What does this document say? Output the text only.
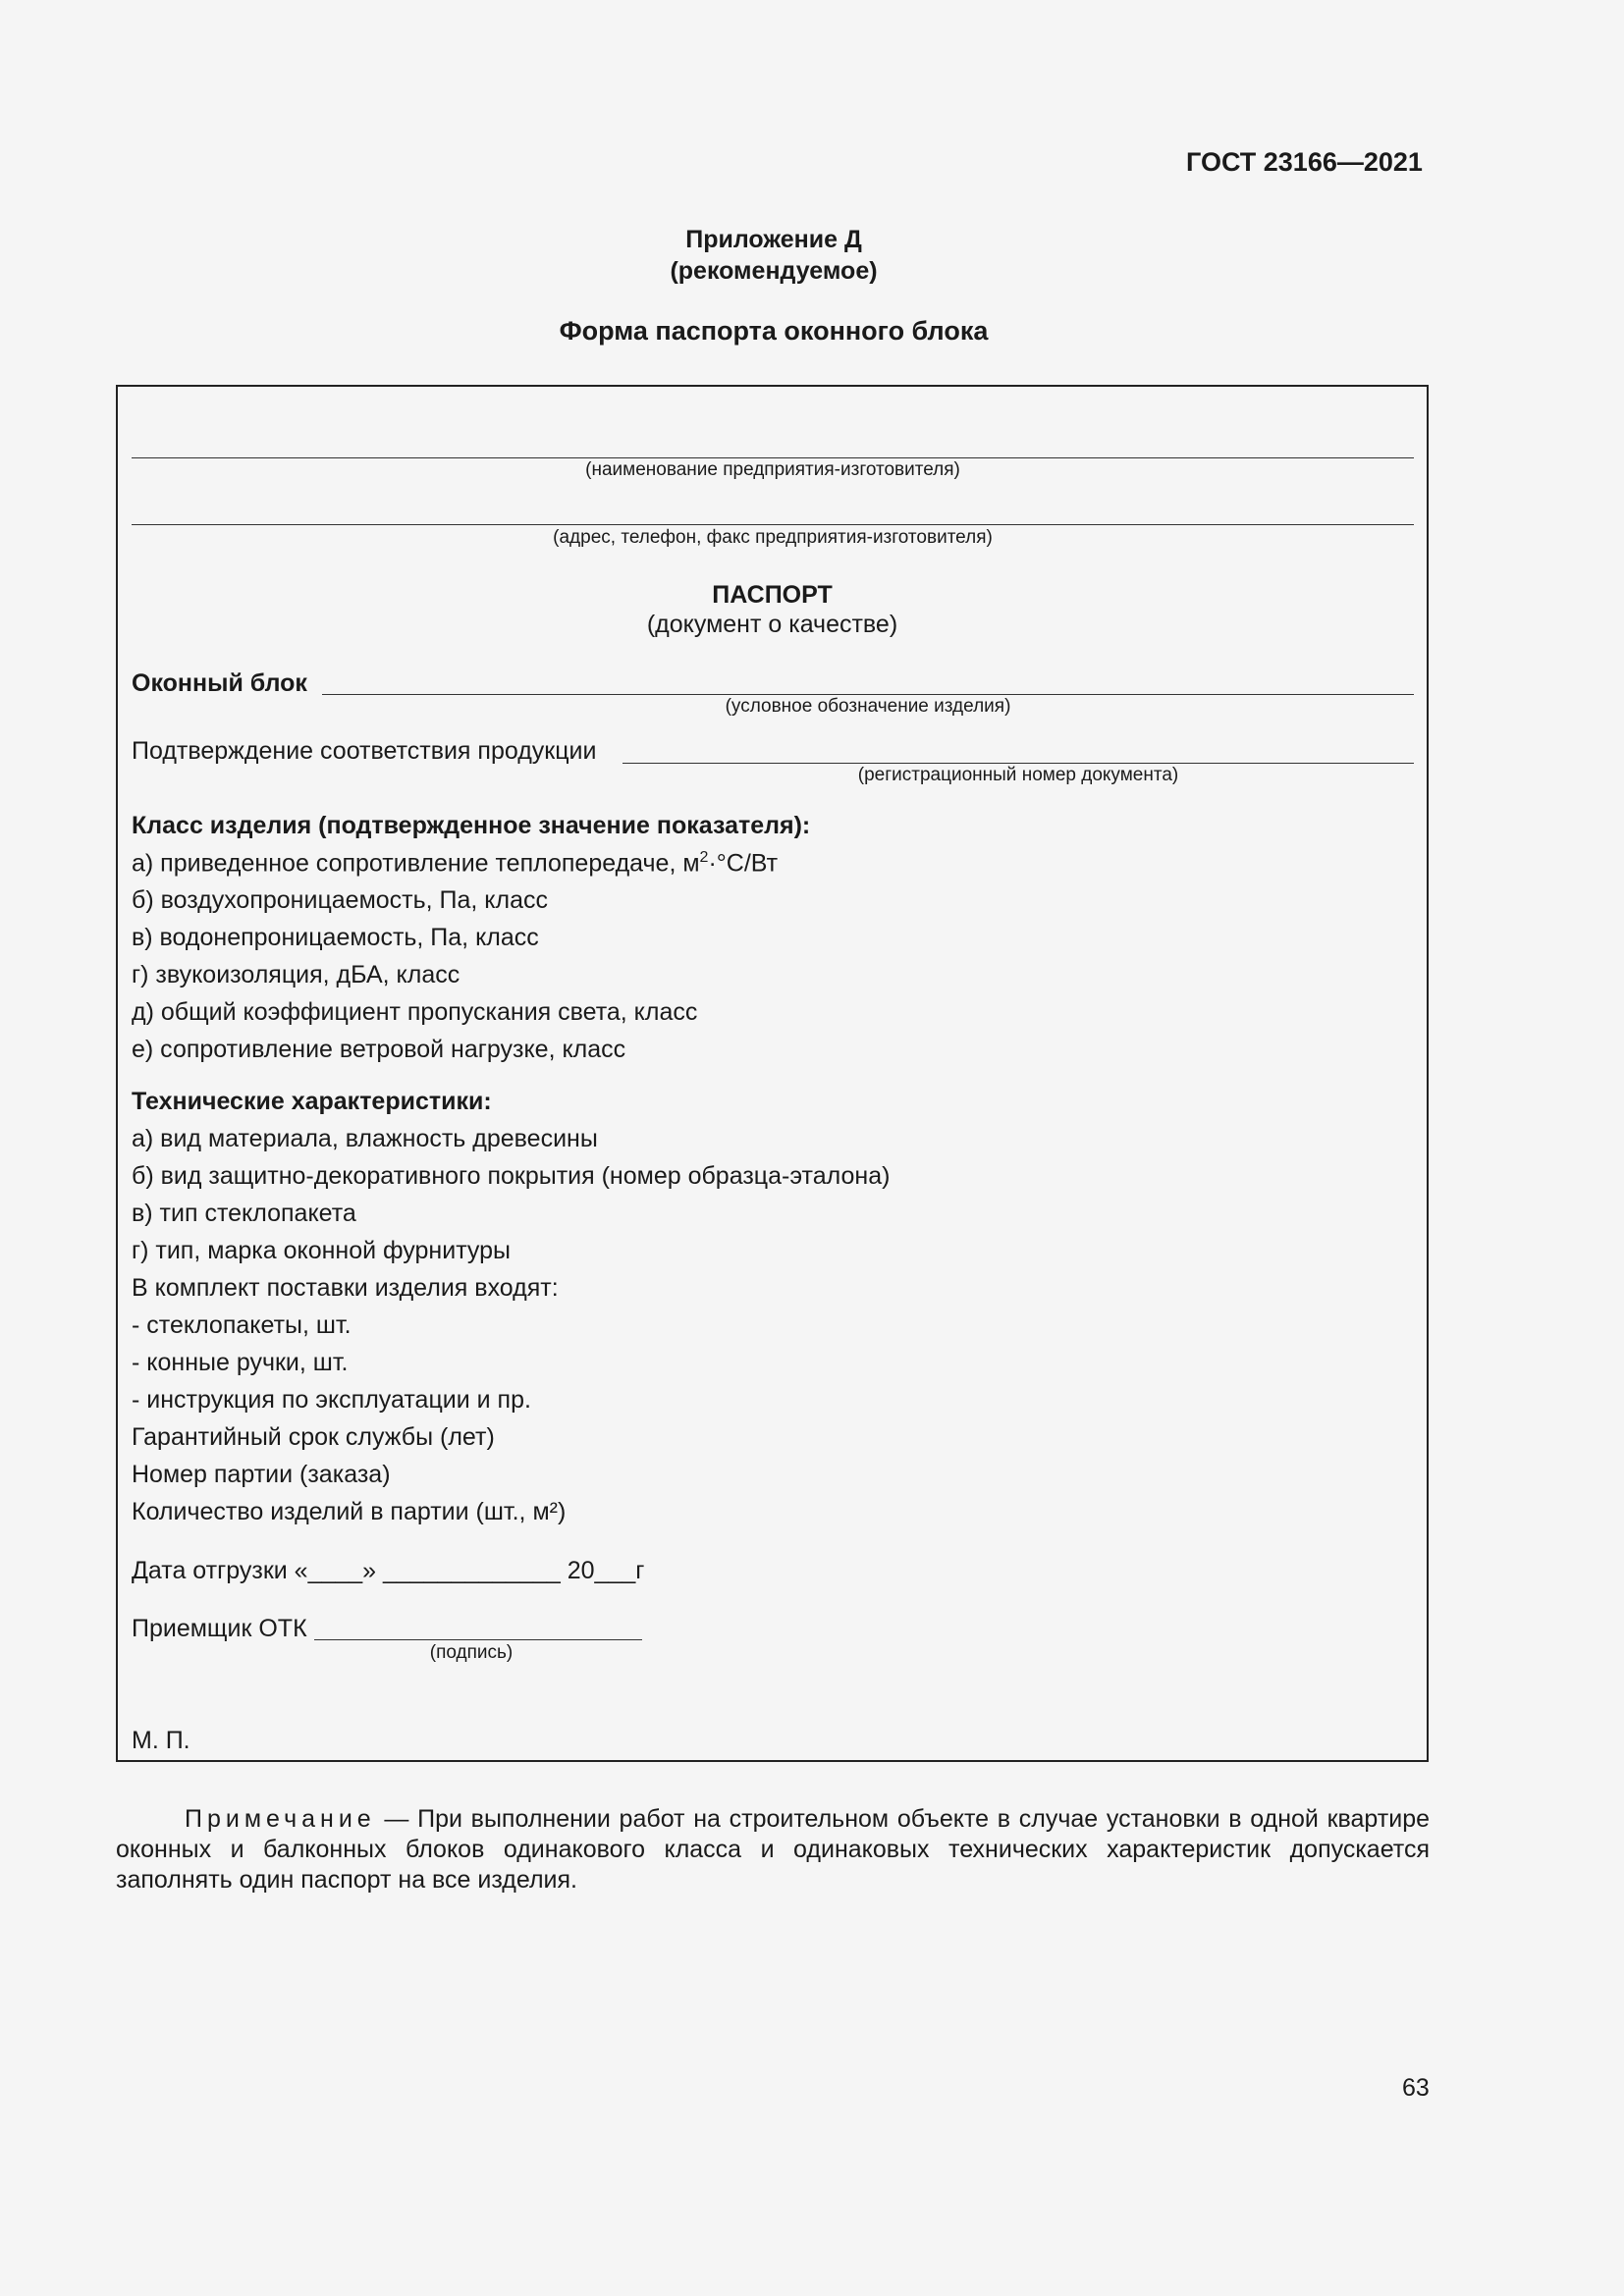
ГОСТ 23166—2021
Приложение Д
(рекомендуемое)
Форма паспорта оконного блока
(наименование предприятия-изготовителя)
(адрес, телефон, факс предприятия-изготовителя)
ПАСПОРТ
(документ о качестве)
Оконный блок
(условное обозначение изделия)
Подтверждение соответствия продукции
(регистрационный номер документа)
Класс изделия (подтвержденное значение показателя):
а) приведенное сопротивление теплопередаче, $м^2\cdot^\circ С/Вт$
б) воздухопроницаемость, Па, класс
в) водонепроницаемость, Па, класс
г) звукоизоляция, дБА, класс
д) общий коэффициент пропускания света, класс
е) сопротивление ветровой нагрузке, класс
Технические характеристики:
а) вид материала, влажность древесины
б) вид защитно-декоративного покрытия (номер образца-эталона)
в) тип стеклопакета
г) тип, марка оконной фурнитуры
В комплект поставки изделия входят:
- стеклопакеты, шт.
- конные ручки, шт.
- инструкция по эксплуатации и пр.
Гарантийный срок службы (лет)
Номер партии (заказа)
Количество изделий в партии (шт., м²)
Дата отгрузки «____» _____________ 20___г
Приемщик ОТК
(подпись)
М. П.
Примечание — При выполнении работ на строительном объекте в случае установки в одной квартире оконных и балконных блоков одинакового класса и одинаковых технических характеристик допускается заполнять один паспорт на все изделия.
63
